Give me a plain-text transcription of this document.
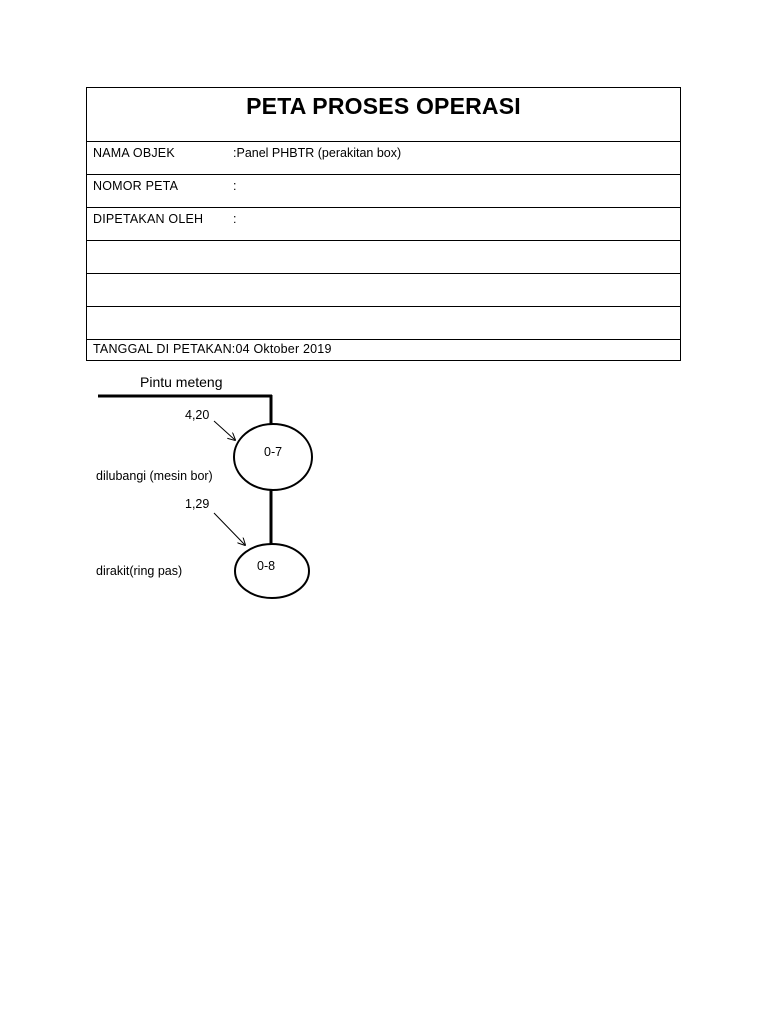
PETA PROSES OPERASI
NAMA OBJEK	:Panel PHBTR (perakitan box)
NOMOR PETA	:
DIPETAKAN OLEH :
TANGGAL DI PETAKAN:04 Oktober 2019
Pintu meteng
4,20
0-7
dilubangi (mesin bor)
1,29
0-8
dirakit(ring pas)
